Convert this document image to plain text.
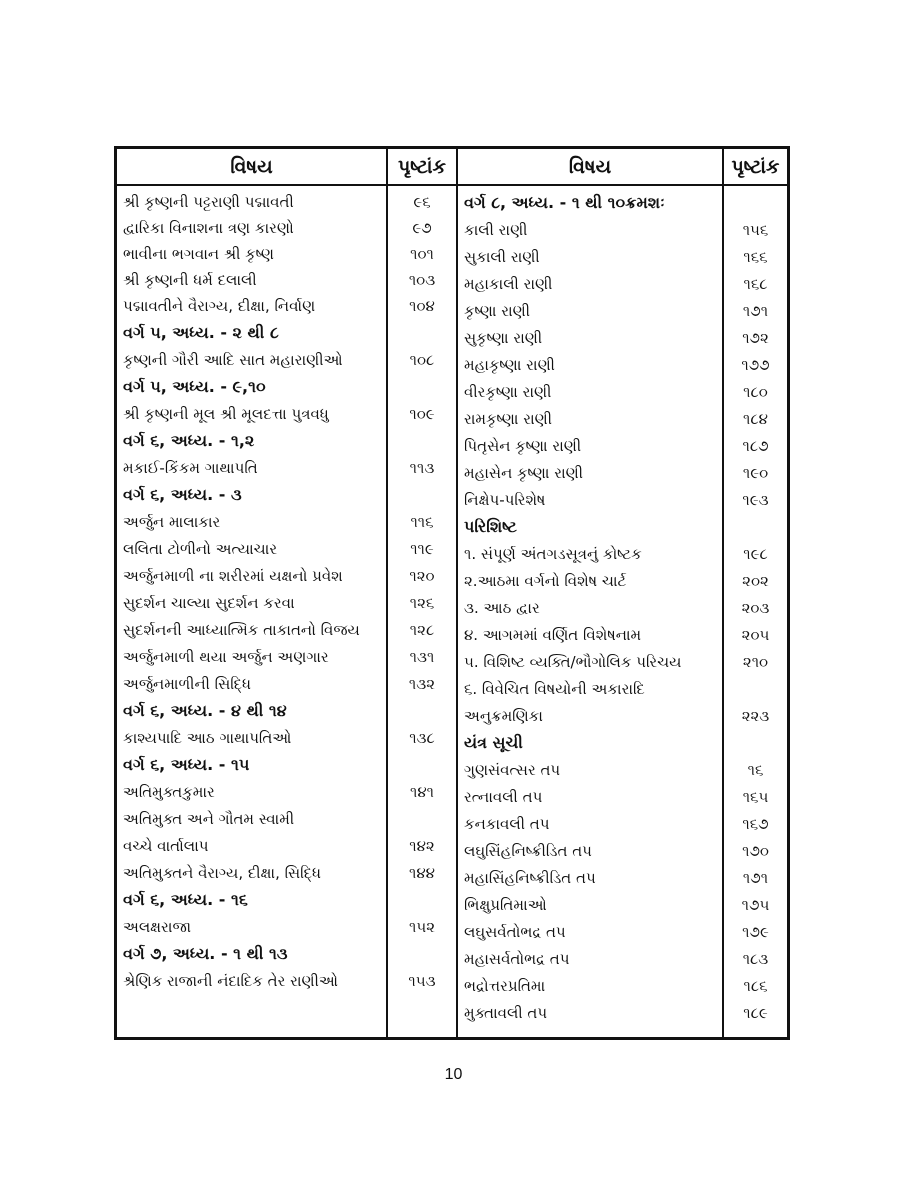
વિષય	પૃષ્ટાંક	વિષય	પૃષ્ટાંક
શ્રી કૃષ્ણની પટ્ટરાણી પદ્માવતી	૯૬
દ્વારિકા વિનાશના ત્રણ કારણો	૯૭
ભાવીના ભગવાન શ્રી કૃષ્ણ	૧૦૧
શ્રી કૃષ્ણની ધર્મ દલાલી	૧૦૩
પદ્માવતીને વૈરાગ્ય, દીક્ષા, નિર્વાણ	૧૦૪
વર્ગ ૫, અધ્ય. - ૨ થી ૮
કૃષ્ણની ગૌરી આદિ સાત મહારાણીઓ	૧૦૮
વર્ગ ૫, અધ્ય. - ૯,૧૦
શ્રી કૃષ્ણની મૂલ શ્રી મૂલદત્તા પુત્રવધુ	૧૦૯
વર્ગ ૬, અધ્ય. - ૧,૨
મકાઈ-કિંકમ ગાથાપતિ	૧૧૩
વર્ગ ૬, અધ્ય. - ૩
અર્જુન માલાકાર	૧૧૬
લલિતા ટોળીનો અત્યાચાર	૧૧૯
અર્જુનમાળી ના શરીરમાં યક્ષનો પ્રવેશ	૧૨૦
સુદર્શન ચાલ્યા સુદર્શન કરવા	૧૨૬
સુદર્શનની આધ્યાત્મિક તાકાતનો વિજય	૧૨૮
અર્જુનમાળી થયા અર્જુન અણગાર	૧૩૧
અર્જુનમાળીની સિદ્ધિ	૧૩૨
વર્ગ ૬, અધ્ય. - ૪ થી ૧૪
કાશ્યપાદિ આઠ ગાથાપતિઓ	૧૩૮
વર્ગ ૬, અધ્ય. - ૧૫
અતિમુક્તકુમાર	૧૪૧
અતિમુક્ત અને ગૌતમ સ્વામી
વચ્ચે વાર્તાલાપ	૧૪૨
અતિમુક્તને વૈરાગ્ય, દીક્ષા, સિદ્ધિ	૧૪૪
વર્ગ ૬, અધ્ય. - ૧૬
અલક્ષરાજા	૧૫૨
વર્ગ ૭, અધ્ય. - ૧ થી ૧૩
શ્રેણિક રાજાની નંદાદિક તેર રાણીઓ	૧૫૩
વર્ગ ૮, અધ્ય. - ૧ થી ૧૦ક્રમશઃ
કાલી રાણી	૧૫૬
સુકાલી રાણી	૧૬૬
મહાકાલી રાણી	૧૬૮
કૃષ્ણા રાણી	૧૭૧
સુકૃષ્ણા રાણી	૧૭૨
મહાકૃષ્ણા રાણી	૧૭૭
વીરકૃષ્ણા રાણી	૧૮૦
રામકૃષ્ણા રાણી	૧૮૪
પિતૃસેન કૃષ્ણા રાણી	૧૮૭
મહાસેન કૃષ્ણા રાણી	૧૯૦
નિક્ષેપ-પરિશેષ	૧૯૩
પરિશિષ્ટ
૧. સંપૂર્ણ અંતગડસૂત્રનું કોષ્ટક	૧૯૮
૨.આઠમા વર્ગનો વિશેષ ચાર્ટ	૨૦૨
૩. આઠ દ્વાર	૨૦૩
૪. આગમમાં વર્ણિત વિશેષનામ	૨૦૫
૫. વિશિષ્ટ વ્યક્તિ/ભૌગોલિક પરિચય	૨૧૦
૬. વિવેચિત વિષયોની અકારાદિ
અનુક્રમણિકા	૨૨૩
યંત્ર સૂચી
ગુણસંવત્સર તપ	૧૬
રત્નાવલી તપ	૧૬૫
કનકાવલી તપ	૧૬૭
લઘુસિંહનિષ્ક્રીડિત તપ	૧૭૦
મહાસિંહનિષ્ક્રીડિત તપ	૧૭૧
ભિક્ષુપ્રતિમાઓ	૧૭૫
લઘુસર્વતોભદ્ર તપ	૧૭૯
મહાસર્વતોભદ્ર તપ	૧૮૩
ભદ્રોત્તરપ્રતિમા	૧૮૬
મુક્તાવલી તપ	૧૮૯
10
